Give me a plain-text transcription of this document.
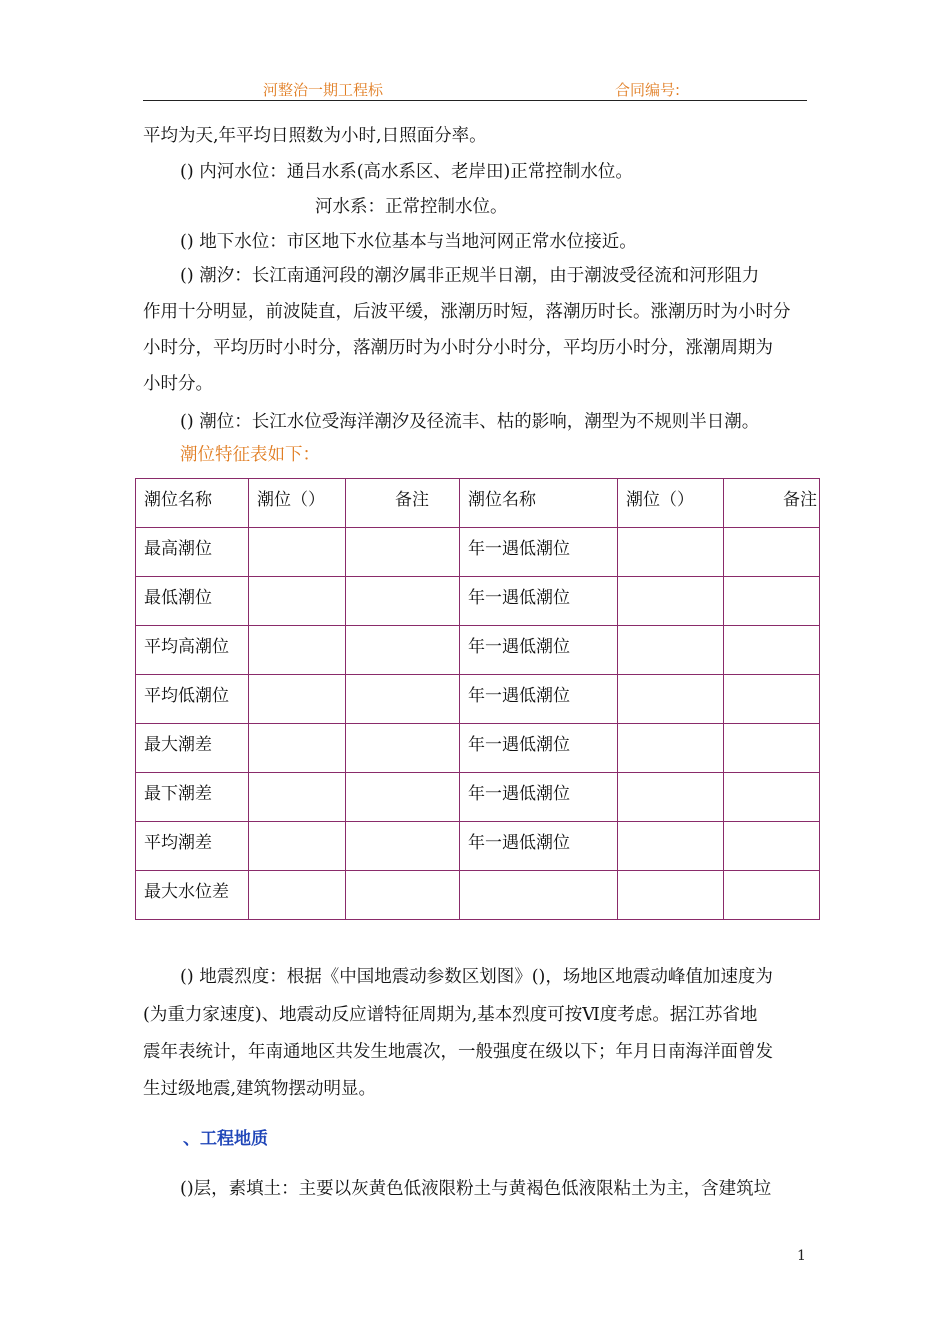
河整治一期工程标	合同编号:
平均为天,年平均日照数为小时,日照面分率。
() 内河水位：通吕水系(高水系区、老岸田)正常控制水位。
河水系：正常控制水位。
() 地下水位：市区地下水位基本与当地河网正常水位接近。
() 潮汐：长江南通河段的潮汐属非正规半日潮，由于潮波受径流和河形阻力
作用十分明显，前波陡直，后波平缓，涨潮历时短，落潮历时长。涨潮历时为小时分
小时分，平均历时小时分，落潮历时为小时分小时分，平均历小时分，涨潮周期为
小时分。
() 潮位：长江水位受海洋潮汐及径流丰、枯的影响，潮型为不规则半日潮。
潮位特征表如下：
潮位名称	潮位（）	备注	潮位名称	潮位（）	备注
最高潮位			年一遇低潮位		
最低潮位			年一遇低潮位		
平均高潮位			年一遇低潮位		
平均低潮位			年一遇低潮位		
最大潮差			年一遇低潮位		
最下潮差			年一遇低潮位		
平均潮差			年一遇低潮位		
最大水位差					
() 地震烈度：根据《中国地震动参数区划图》()，场地区地震动峰值加速度为
(为重力家速度)、地震动反应谱特征周期为,基本烈度可按Ⅵ度考虑。据江苏省地
震年表统计，年南通地区共发生地震次，一般强度在级以下；年月日南海洋面曾发
生过级地震,建筑物摆动明显。
、工程地质
()层，素填土：主要以灰黄色低液限粉土与黄褐色低液限粘土为主，含建筑垃
1
